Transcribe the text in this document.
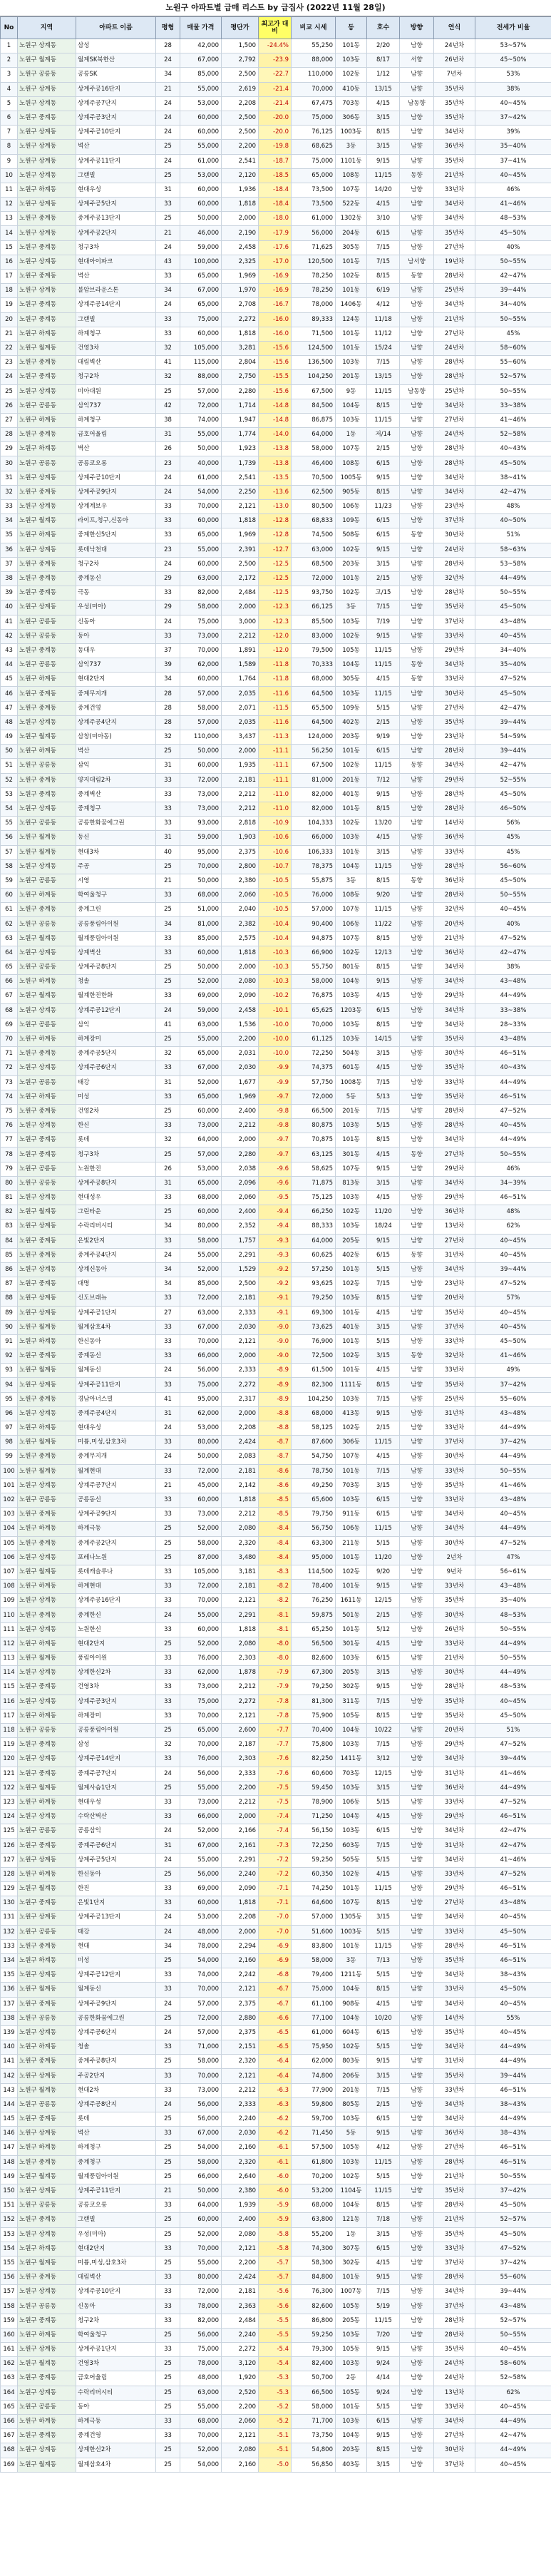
노원구 아파트별 급매 리스트 by 급집사 (2022년 11월 28일)
No	지역	아파트 이름	평형	매물 가격	평단가	최고가 대비	비교 시세	동	호수	방향	연식	전세가 비율
1	노원구 상계동	삼성	28	42,000	1,500	-24.4%	55,250	101동	2/20	남향	24년차	53~57%
2	노원구 월계동	월계SK북한산	24	67,000	2,792	-23.9	88,000	103동	8/17	서향	26년차	45~50%
3	노원구 공릉동	공릉SK	34	85,000	2,500	-22.7	110,000	102동	1/12	남향	7년차	53%
4	노원구 상계동	상계주공16단지	21	55,000	2,619	-21.4	70,000	410동	13/15	남향	35년차	38%
5	노원구 상계동	상계주공7단지	24	53,000	2,208	-21.4	67,475	703동	4/15	남동향	35년차	40~45%
6	노원구 중계동	상계주공3단지	24	60,000	2,500	-20.0	75,000	306동	3/15	남향	35년차	37~42%
7	노원구 상계동	상계주공10단지	24	60,000	2,500	-20.0	76,125	1003동	8/15	남향	34년차	39%
8	노원구 상계동	벽산	25	55,000	2,200	-19.8	68,625	3동	3/15	남향	36년차	35~40%
9	노원구 상계동	상계주공11단지	24	61,000	2,541	-18.7	75,000	1101동	9/15	남향	35년차	37~41%
10	노원구 상계동	그랜빌	25	53,000	2,120	-18.5	65,000	108동	11/15	동향	21년차	40~45%
11	노원구 하계동	현대우성	31	60,000	1,936	-18.4	73,500	107동	14/20	남향	33년차	46%
12	노원구 상계동	상계주공5단지	33	60,000	1,818	-18.4	73,500	522동	4/15	남향	34년차	41~46%
13	노원구 중계동	중계주공13단지	25	50,000	2,000	-18.0	61,000	1302동	3/10	남향	34년차	48~53%
14	노원구 상계동	상계주공2단지	21	46,000	2,190	-17.9	56,000	204동	6/15	남향	35년차	45~50%
15	노원구 중계동	청구3차	24	59,000	2,458	-17.6	71,625	305동	7/15	남향	27년차	40%
16	노원구 상계동	현대아이파크	43	100,000	2,325	-17.0	120,500	101동	7/15	남서향	19년차	50~55%
17	노원구 중계동	벽산	33	65,000	1,969	-16.9	78,250	102동	8/15	동향	28년차	42~47%
18	노원구 상계동	불암브라운스톤	34	67,000	1,970	-16.9	78,250	101동	6/19	남향	25년차	39~44%
19	노원구 중계동	상계주공14단지	24	65,000	2,708	-16.7	78,000	1406동	4/12	남향	34년차	34~40%
20	노원구 중계동	그랜빌	33	75,000	2,272	-16.0	89,333	124동	11/18	남향	21년차	50~55%
21	노원구 하계동	하계청구	33	60,000	1,818	-16.0	71,500	101동	11/12	남향	27년차	45%
22	노원구 월계동	건영3차	32	105,000	3,281	-15.6	124,500	101동	15/24	남향	24년차	58~60%
23	노원구 중계동	대림벽산	41	115,000	2,804	-15.6	136,500	103동	7/15	남향	28년차	55~60%
24	노원구 중계동	청구2차	32	88,000	2,750	-15.5	104,250	201동	13/15	남향	28년차	52~57%
25	노원구 상계동	미아대원	25	57,000	2,280	-15.6	67,500	9동	11/15	남동향	25년차	50~55%
26	노원구 공릉동	삼익737	42	72,000	1,714	-14.8	84,500	104동	8/15	남향	34년차	33~38%
27	노원구 하계동	하계청구	38	74,000	1,947	-14.8	86,875	103동	11/15	남향	27년차	41~46%
28	노원구 중계동	금호어울림	31	55,000	1,774	-14.0	64,000	1동	저/14	남향	24년차	52~58%
29	노원구 하계동	벽산	26	50,000	1,923	-13.8	58,000	107동	2/15	남향	28년차	40~43%
30	노원구 공릉동	공릉코오롱	23	40,000	1,739	-13.8	46,400	108동	6/15	남향	28년차	45~50%
31	노원구 상계동	상계주공10단지	24	61,000	2,541	-13.5	70,500	1005동	9/15	남향	34년차	38~41%
32	노원구 중계동	상계주공9단지	24	54,000	2,250	-13.6	62,500	905동	8/15	남향	34년차	42~47%
33	노원구 상계동	상계계보우	33	70,000	2,121	-13.0	80,500	106동	11/23	남향	23년차	48%
34	노원구 월계동	라이프,청구,신동아	33	60,000	1,818	-12.8	68,833	109동	6/15	남향	37년차	40~50%
35	노원구 하계동	중계한신5단지	33	65,000	1,969	-12.8	74,500	508동	6/15	동향	30년차	51%
36	노원구 상계동	롯데낙천대	23	55,000	2,391	-12.7	63,000	102동	9/15	남향	24년차	58~63%
37	노원구 중계동	청구2차	24	60,000	2,500	-12.5	68,500	203동	3/15	남향	28년차	53~58%
38	노원구 중계동	중계동신	29	63,000	2,172	-12.5	72,000	101동	2/15	남향	32년차	44~49%
39	노원구 중계동	극동	33	82,000	2,484	-12.5	93,750	102동	고/15	남향	28년차	50~55%
40	노원구 상계동	우성(미아)	29	58,000	2,000	-12.3	66,125	3동	7/15	남향	35년차	45~50%
41	노원구 공릉동	신동아	24	75,000	3,000	-12.3	85,500	103동	7/19	남향	37년차	43~48%
42	노원구 공릉동	동아	33	73,000	2,212	-12.0	83,000	102동	9/15	남향	33년차	40~45%
43	노원구 중계동	동대우	37	70,000	1,891	-12.0	79,500	105동	11/15	남향	29년차	34~40%
44	노원구 공릉동	삼익737	39	62,000	1,589	-11.8	70,333	104동	11/15	동향	34년차	35~40%
45	노원구 하계동	현대2단지	34	60,000	1,764	-11.8	68,000	305동	4/15	동향	33년차	47~52%
46	노원구 중계동	중계무지개	28	57,000	2,035	-11.6	64,500	103동	11/15	남향	30년차	45~50%
47	노원구 중계동	중계건영	28	58,000	2,071	-11.5	65,500	109동	5/15	남향	27년차	42~47%
48	노원구 상계동	상계주공4단지	28	57,000	2,035	-11.6	64,500	402동	2/15	남향	35년차	39~44%
49	노원구 월계동	삼창(미아동)	32	110,000	3,437	-11.3	124,000	203동	9/19	남향	23년차	54~59%
50	노원구 하계동	벽산	25	50,000	2,000	-11.1	56,250	101동	6/15	남향	28년차	39~44%
51	노원구 공릉동	삼익	31	60,000	1,935	-11.1	67,500	102동	11/15	동향	34년차	42~47%
52	노원구 중계동	양지대림2차	33	72,000	2,181	-11.1	81,000	201동	7/12	남향	29년차	52~55%
53	노원구 중계동	중계벽산	33	73,000	2,212	-11.0	82,000	401동	9/15	남향	28년차	45~50%
54	노원구 상계동	중계청구	33	73,000	2,212	-11.0	82,000	101동	8/15	남향	28년차	46~50%
55	노원구 공릉동	공릉한화꿈에그린	33	93,000	2,818	-10.9	104,333	102동	13/20	남향	14년차	56%
56	노원구 월계동	동신	31	59,000	1,903	-10.6	66,000	103동	4/15	남향	36년차	45%
57	노원구 월계동	현대3차	40	95,000	2,375	-10.6	106,333	101동	3/15	남향	33년차	45%
58	노원구 상계동	주공	25	70,000	2,800	-10.7	78,375	104동	11/15	남향	28년차	56~60%
59	노원구 공릉동	시영	21	50,000	2,380	-10.5	55,875	3동	8/15	동향	36년차	45~50%
60	노원구 하계동	학여울청구	33	68,000	2,060	-10.5	76,000	108동	9/20	남향	28년차	50~55%
61	노원구 중계동	중계그린	25	51,000	2,040	-10.5	57,000	107동	11/15	남향	32년차	40~45%
62	노원구 공릉동	공릉풍림아이원	34	81,000	2,382	-10.4	90,400	106동	11/22	남향	20년차	40%
63	노원구 월계동	월계풍림아이원	33	85,000	2,575	-10.4	94,875	107동	8/15	남향	21년차	47~52%
64	노원구 상계동	상계벽산	33	60,000	1,818	-10.3	66,900	102동	12/13	남향	36년차	42~47%
65	노원구 공릉동	상계주공8단지	25	50,000	2,000	-10.3	55,750	801동	8/15	남향	34년차	38%
66	노원구 하계동	청솔	25	52,000	2,080	-10.3	58,000	104동	9/15	남향	34년차	43~48%
67	노원구 월계동	월계한진한화	33	69,000	2,090	-10.2	76,875	103동	4/15	남향	29년차	44~49%
68	노원구 상계동	상계주공12단지	24	59,000	2,458	-10.1	65,625	1203동	6/15	남향	34년차	33~38%
69	노원구 공릉동	삼익	41	63,000	1,536	-10.0	70,000	103동	8/15	남향	34년차	28~33%
70	노원구 하계동	하계장미	25	55,000	2,200	-10.0	61,125	103동	14/15	남향	35년차	43~48%
71	노원구 중계동	중계주공5단지	32	65,000	2,031	-10.0	72,250	504동	3/15	남향	30년차	46~51%
72	노원구 상계동	상계주공6단지	33	67,000	2,030	-9.9	74,375	601동	4/15	남향	35년차	40~43%
73	노원구 공릉동	태강	31	52,000	1,677	-9.9	57,750	1008동	7/15	남향	33년차	44~49%
74	노원구 하계동	미성	33	65,000	1,969	-9.7	72,000	5동	5/13	남향	35년차	46~51%
75	노원구 중계동	건영2차	25	60,000	2,400	-9.8	66,500	201동	7/15	남향	28년차	47~52%
76	노원구 상계동	한신	33	73,000	2,212	-9.8	80,875	103동	5/15	남향	28년차	40~45%
77	노원구 중계동	롯데	32	64,000	2,000	-9.7	70,875	101동	8/15	남향	34년차	44~49%
78	노원구 중계동	청구3차	25	57,000	2,280	-9.7	63,125	301동	4/15	동향	27년차	50~55%
79	노원구 공릉동	노원한진	26	53,000	2,038	-9.6	58,625	107동	9/15	남향	29년차	46%
80	노원구 공릉동	상계주공8단지	31	65,000	2,096	-9.6	71,875	813동	3/15	남향	34년차	34~39%
81	노원구 상계동	현대성우	33	68,000	2,060	-9.5	75,125	103동	4/15	남향	29년차	46~51%
82	노원구 월계동	그린타운	25	60,000	2,400	-9.4	66,250	102동	11/20	남향	36년차	48%
83	노원구 상계동	수락리버시티	34	80,000	2,352	-9.4	88,333	103동	18/24	남향	13년차	62%
84	노원구 중계동	은빛2단지	33	58,000	1,757	-9.3	64,000	205동	9/15	남향	27년차	40~45%
85	노원구 중계동	중계주공4단지	24	55,000	2,291	-9.3	60,625	402동	6/15	동향	31년차	40~45%
86	노원구 상계동	상계신동아	34	52,000	1,529	-9.2	57,250	101동	5/15	남향	34년차	39~44%
87	노원구 중계동	대명	34	85,000	2,500	-9.2	93,625	102동	7/15	남향	23년차	47~52%
88	노원구 상계동	신도브래뉴	33	72,000	2,181	-9.1	79,250	103동	8/15	남향	20년차	57%
89	노원구 상계동	상계주공1단지	27	63,000	2,333	-9.1	69,300	101동	4/15	남향	35년차	40~45%
90	노원구 월계동	월계삼호4차	33	67,000	2,030	-9.0	73,625	401동	3/15	남향	37년차	40~45%
91	노원구 하계동	한신동아	33	70,000	2,121	-9.0	76,900	101동	5/15	남향	33년차	45~50%
92	노원구 중계동	중계동신	33	66,000	2,000	-9.0	72,500	102동	3/15	동향	32년차	41~46%
93	노원구 월계동	월계동신	24	56,000	2,333	-8.9	61,500	101동	4/15	남향	33년차	49%
94	노원구 상계동	상계주공11단지	33	75,000	2,272	-8.9	82,300	1111동	8/15	남향	35년차	37~42%
95	노원구 중계동	경남아너스빌	41	95,000	2,317	-8.9	104,250	103동	7/15	남향	25년차	55~60%
96	노원구 상계동	중계주공4단지	31	62,000	2,000	-8.8	68,000	413동	9/15	남향	31년차	43~48%
97	노원구 하계동	현대우성	24	53,000	2,208	-8.8	58,125	102동	2/15	남향	33년차	44~49%
98	노원구 월계동	미륭,미성,삼호3차	33	80,000	2,424	-8.7	87,600	306동	11/15	남향	37년차	37~42%
99	노원구 중계동	중계무지개	24	50,000	2,083	-8.7	54,750	107동	4/15	남향	30년차	44~49%
100	노원구 월계동	월계현대	33	72,000	2,181	-8.6	78,750	101동	7/15	남향	33년차	50~55%
101	노원구 상계동	상계주공7단지	21	45,000	2,142	-8.6	49,250	703동	3/15	남향	35년차	41~46%
102	노원구 공릉동	공릉동신	33	60,000	1,818	-8.5	65,600	103동	6/15	남향	33년차	43~48%
103	노원구 중계동	상계주공9단지	33	73,000	2,212	-8.5	79,750	911동	6/15	남향	34년차	40~45%
104	노원구 하계동	하계극동	25	52,000	2,080	-8.4	56,750	106동	11/15	남향	34년차	44~49%
105	노원구 중계동	중계주공2단지	25	58,000	2,320	-8.4	63,300	211동	5/15	남향	30년차	47~52%
106	노원구 상계동	포레나노원	25	87,000	3,480	-8.4	95,000	101동	11/20	남향	2년차	47%
107	노원구 월계동	롯데캐슬루나	33	105,000	3,181	-8.3	114,500	102동	9/20	남향	9년차	56~61%
108	노원구 하계동	하계현대	33	72,000	2,181	-8.2	78,400	101동	9/15	남향	33년차	43~48%
109	노원구 상계동	상계주공16단지	33	70,000	2,121	-8.2	76,250	1611동	12/15	남향	35년차	35~40%
110	노원구 중계동	중계한신	24	55,000	2,291	-8.1	59,875	501동	2/15	남향	30년차	48~53%
111	노원구 상계동	노원한신	33	60,000	1,818	-8.1	65,250	101동	5/12	남향	26년차	50~55%
112	노원구 하계동	현대2단지	25	52,000	2,080	-8.0	56,500	301동	4/15	남향	33년차	44~49%
113	노원구 월계동	풍림아이원	33	76,000	2,303	-8.0	82,600	103동	6/15	남향	21년차	50~55%
114	노원구 상계동	상계한신2차	33	62,000	1,878	-7.9	67,300	205동	3/15	남향	30년차	44~49%
115	노원구 중계동	건영3차	33	73,000	2,212	-7.9	79,250	302동	9/15	남향	28년차	48~53%
116	노원구 상계동	상계주공3단지	33	75,000	2,272	-7.8	81,300	311동	7/15	남향	35년차	40~45%
117	노원구 하계동	하계장미	33	70,000	2,121	-7.8	75,900	105동	8/15	남향	35년차	45~50%
118	노원구 공릉동	공릉풍림아이원	25	65,000	2,600	-7.7	70,400	104동	10/22	남향	20년차	51%
119	노원구 중계동	삼성	32	70,000	2,187	-7.7	75,800	103동	7/15	남향	29년차	47~52%
120	노원구 상계동	상계주공14단지	33	76,000	2,303	-7.6	82,250	1411동	3/12	남향	34년차	39~44%
121	노원구 중계동	중계주공7단지	24	56,000	2,333	-7.6	60,600	703동	12/15	남향	31년차	41~46%
122	노원구 월계동	월계사슴1단지	25	55,000	2,200	-7.5	59,450	103동	3/15	남향	36년차	44~49%
123	노원구 하계동	현대우성	33	73,000	2,212	-7.5	78,900	106동	5/15	남향	33년차	47~52%
124	노원구 상계동	수락산벽산	33	66,000	2,000	-7.4	71,250	104동	4/15	남향	29년차	46~51%
125	노원구 공릉동	공릉삼익	24	52,000	2,166	-7.4	56,150	103동	6/15	남향	34년차	42~47%
126	노원구 중계동	중계주공6단지	31	67,000	2,161	-7.3	72,250	603동	7/15	남향	31년차	42~47%
127	노원구 상계동	상계주공5단지	24	55,000	2,291	-7.2	59,250	505동	5/15	남향	34년차	41~46%
128	노원구 하계동	한신동아	25	56,000	2,240	-7.2	60,350	102동	4/15	남향	33년차	47~52%
129	노원구 월계동	한진	33	69,000	2,090	-7.1	74,250	101동	11/15	남향	29년차	46~51%
130	노원구 중계동	은빛1단지	33	60,000	1,818	-7.1	64,600	107동	8/15	남향	27년차	43~48%
131	노원구 상계동	상계주공13단지	24	53,000	2,208	-7.0	57,000	1305동	3/15	남향	34년차	40~45%
132	노원구 공릉동	태강	24	48,000	2,000	-7.0	51,600	1003동	5/15	남향	33년차	45~50%
133	노원구 중계동	현대	34	78,000	2,294	-6.9	83,800	101동	11/15	남향	28년차	46~51%
134	노원구 하계동	미성	25	54,000	2,160	-6.9	58,000	3동	7/13	남향	35년차	46~51%
135	노원구 상계동	상계주공12단지	33	74,000	2,242	-6.8	79,400	1211동	5/15	남향	34년차	38~43%
136	노원구 월계동	월계동신	33	70,000	2,121	-6.7	75,000	104동	8/15	남향	33년차	45~50%
137	노원구 중계동	상계주공9단지	24	57,000	2,375	-6.7	61,100	908동	4/15	남향	34년차	40~45%
138	노원구 공릉동	공릉한화꿈에그린	25	72,000	2,880	-6.6	77,100	104동	10/20	남향	14년차	55%
139	노원구 상계동	상계주공6단지	24	57,000	2,375	-6.5	61,000	604동	6/15	남향	35년차	40~45%
140	노원구 하계동	청솔	33	71,000	2,151	-6.5	75,950	102동	5/15	남향	34년차	44~49%
141	노원구 중계동	중계주공8단지	25	58,000	2,320	-6.4	62,000	803동	9/15	남향	31년차	44~49%
142	노원구 상계동	주공2단지	33	70,000	2,121	-6.4	74,800	206동	3/15	남향	35년차	39~44%
143	노원구 월계동	현대2차	33	73,000	2,212	-6.3	77,900	201동	7/15	남향	33년차	46~51%
144	노원구 공릉동	상계주공8단지	24	56,000	2,333	-6.3	59,800	805동	2/15	남향	34년차	38~43%
145	노원구 중계동	롯데	25	56,000	2,240	-6.2	59,700	103동	6/15	남향	34년차	44~49%
146	노원구 상계동	벽산	33	67,000	2,030	-6.2	71,450	5동	9/15	남향	36년차	38~43%
147	노원구 하계동	하계청구	25	54,000	2,160	-6.1	57,500	105동	4/12	남향	27년차	46~51%
148	노원구 중계동	중계청구	25	58,000	2,320	-6.1	61,800	103동	11/15	남향	28년차	46~51%
149	노원구 월계동	월계풍림아이원	25	66,000	2,640	-6.0	70,200	102동	5/15	남향	21년차	50~55%
150	노원구 상계동	상계주공11단지	21	50,000	2,380	-6.0	53,200	1104동	11/15	남향	35년차	37~42%
151	노원구 공릉동	공릉코오롱	33	64,000	1,939	-5.9	68,000	104동	8/15	남향	28년차	45~50%
152	노원구 중계동	그랜빌	25	60,000	2,400	-5.9	63,800	121동	7/18	남향	21년차	52~57%
153	노원구 상계동	우성(미아)	25	52,000	2,080	-5.8	55,200	1동	3/15	남향	35년차	45~50%
154	노원구 하계동	현대2단지	33	70,000	2,121	-5.8	74,300	307동	6/15	남향	33년차	47~52%
155	노원구 월계동	미륭,미성,삼호3차	25	55,000	2,200	-5.7	58,300	302동	4/15	남향	37년차	37~42%
156	노원구 중계동	대림벽산	33	80,000	2,424	-5.7	84,800	101동	9/15	남향	28년차	55~60%
157	노원구 상계동	상계주공10단지	33	72,000	2,181	-5.6	76,300	1007동	7/15	남향	34년차	39~44%
158	노원구 공릉동	신동아	33	78,000	2,363	-5.6	82,600	105동	5/19	남향	37년차	43~48%
159	노원구 중계동	청구2차	33	82,000	2,484	-5.5	86,800	205동	11/15	남향	28년차	52~57%
160	노원구 하계동	학여울청구	25	56,000	2,240	-5.5	59,250	103동	7/20	남향	28년차	50~55%
161	노원구 상계동	상계주공1단지	33	75,000	2,272	-5.4	79,300	105동	9/15	남향	35년차	40~45%
162	노원구 월계동	건영3차	25	78,000	3,120	-5.4	82,400	103동	9/24	남향	24년차	58~60%
163	노원구 중계동	금호어울림	25	48,000	1,920	-5.3	50,700	2동	4/14	남향	24년차	52~58%
164	노원구 상계동	수락리버시티	25	63,000	2,520	-5.3	66,500	105동	9/24	남향	13년차	62%
165	노원구 공릉동	동아	25	55,000	2,200	-5.2	58,000	101동	5/15	남향	33년차	40~45%
166	노원구 하계동	하계극동	33	68,000	2,060	-5.2	71,700	103동	6/15	남향	34년차	44~49%
167	노원구 중계동	중계건영	33	70,000	2,121	-5.1	73,750	104동	9/15	남향	27년차	42~47%
168	노원구 상계동	상계한신2차	25	52,000	2,080	-5.1	54,800	203동	8/15	남향	30년차	44~49%
169	노원구 월계동	월계삼호4차	25	54,000	2,160	-5.0	56,850	403동	3/15	남향	37년차	40~45%
